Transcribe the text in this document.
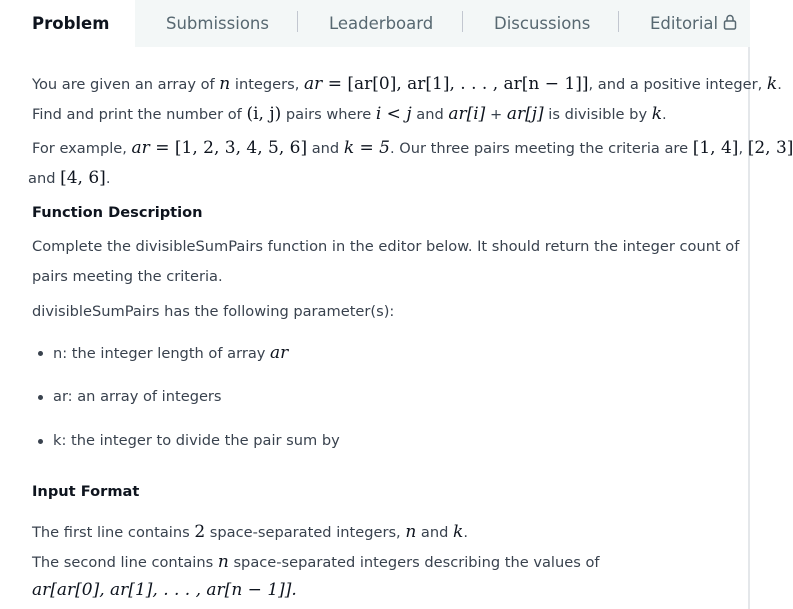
Problem	Submissions	Leaderboard	Discussions	Editorial
You are given an array of n integers, ar = [ar[0], ar[1], . . . , ar[n − 1]], and a positive integer, k.
Find and print the number of (i, j) pairs where i < j and ar[i] + ar[j] is divisible by k.
For example, ar = [1, 2, 3, 4, 5, 6] and k = 5. Our three pairs meeting the criteria are [1, 4], [2, 3]
and [4, 6].
Function Description
Complete the divisibleSumPairs function in the editor below. It should return the integer count of
pairs meeting the criteria.
divisibleSumPairs has the following parameter(s):
n: the integer length of array ar
ar: an array of integers
k: the integer to divide the pair sum by
Input Format
The first line contains 2 space-separated integers, n and k.
The second line contains n space-separated integers describing the values of
ar[ar[0], ar[1], . . . , ar[n − 1]].
